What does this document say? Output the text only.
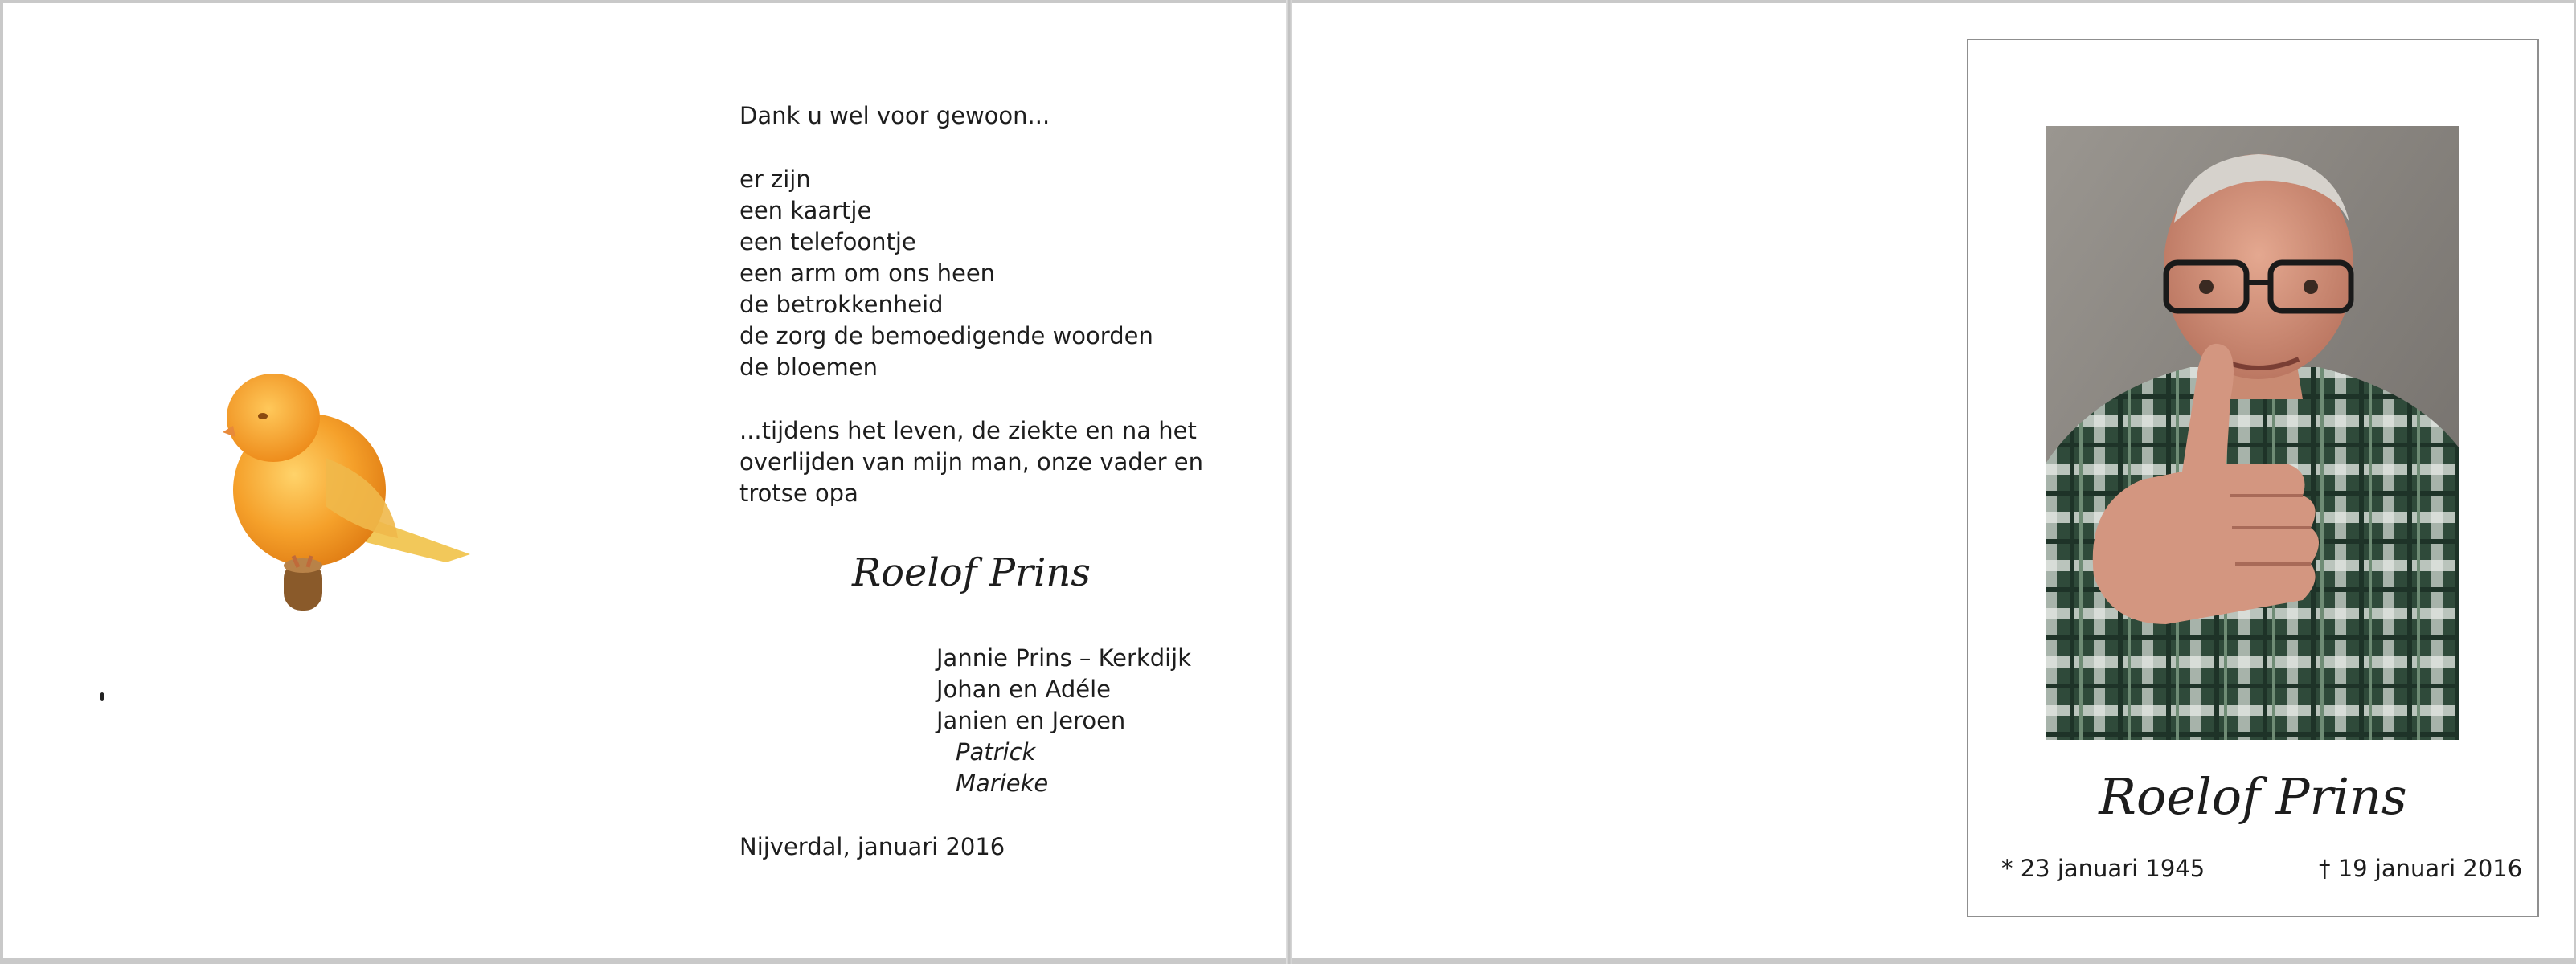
Dank u wel voor gewoon...
er zijn
een kaartje
een telefoontje
een arm om ons heen
de betrokkenheid
de zorg de bemoedigende woorden
de bloemen
...tijdens het leven, de ziekte en na het
overlijden van mijn man, onze vader en
trotse opa
Roelof Prins
Jannie Prins – Kerkdijk
Johan en Adéle
Janien en Jeroen
Patrick
Marieke
Nijverdal, januari 2016
Roelof Prins
* 23 januari 1945	† 19 januari 2016
